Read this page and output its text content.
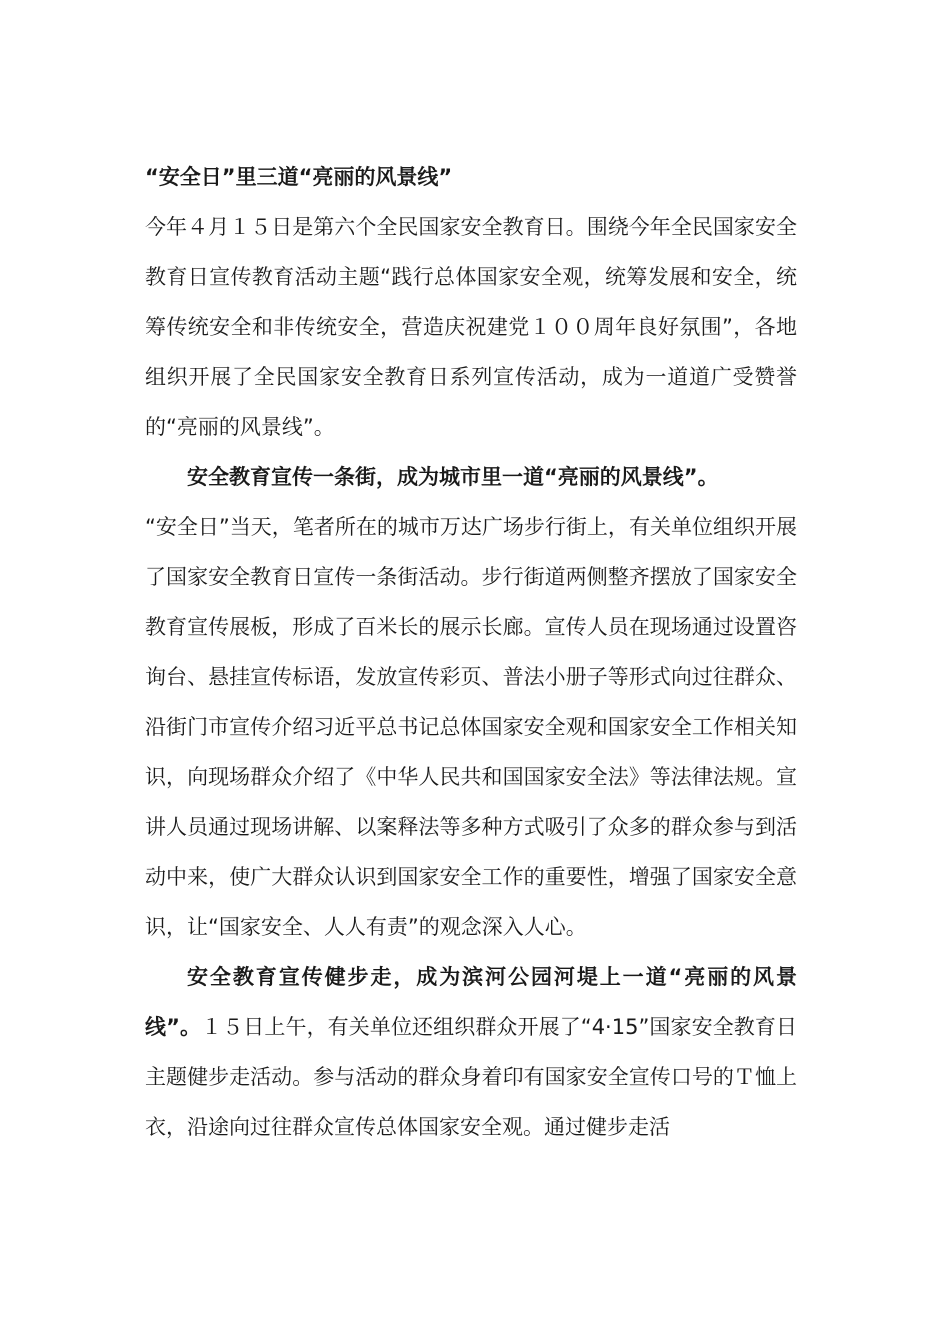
“安全日”里三道“亮丽的风景线”

今年４月１５日是第六个全民国家安全教育日。围绕今年全民国家安全教育日宣传教育活动主题“践行总体国家安全观，统筹发展和安全，统筹传统安全和非传统安全，营造庆祝建党１００周年良好氛围”，各地组织开展了全民国家安全教育日系列宣传活动，成为一道道广受赞誉的“亮丽的风景线”。

安全教育宣传一条街，成为城市里一道“亮丽的风景线”。

“安全日”当天，笔者所在的城市万达广场步行街上，有关单位组织开展了国家安全教育日宣传一条街活动。步行街道两侧整齐摆放了国家安全教育宣传展板，形成了百米长的展示长廊。宣传人员在现场通过设置咨询台、悬挂宣传标语，发放宣传彩页、普法小册子等形式向过往群众、沿街门市宣传介绍习近平总书记总体国家安全观和国家安全工作相关知识，向现场群众介绍了《中华人民共和国国家安全法》等法律法规。宣讲人员通过现场讲解、以案释法等多种方式吸引了众多的群众参与到活动中来，使广大群众认识到国家安全工作的重要性，增强了国家安全意识，让“国家安全、人人有责”的观念深入人心。

安全教育宣传健步走，成为滨河公园河堤上一道“亮丽的风景线”。１５日上午，有关单位还组织群众开展了“4·15”国家安全教育日主题健步走活动。参与活动的群众身着印有国家安全宣传口号的Ｔ恤上衣，沿途向过往群众宣传总体国家安全观。通过健步走活
